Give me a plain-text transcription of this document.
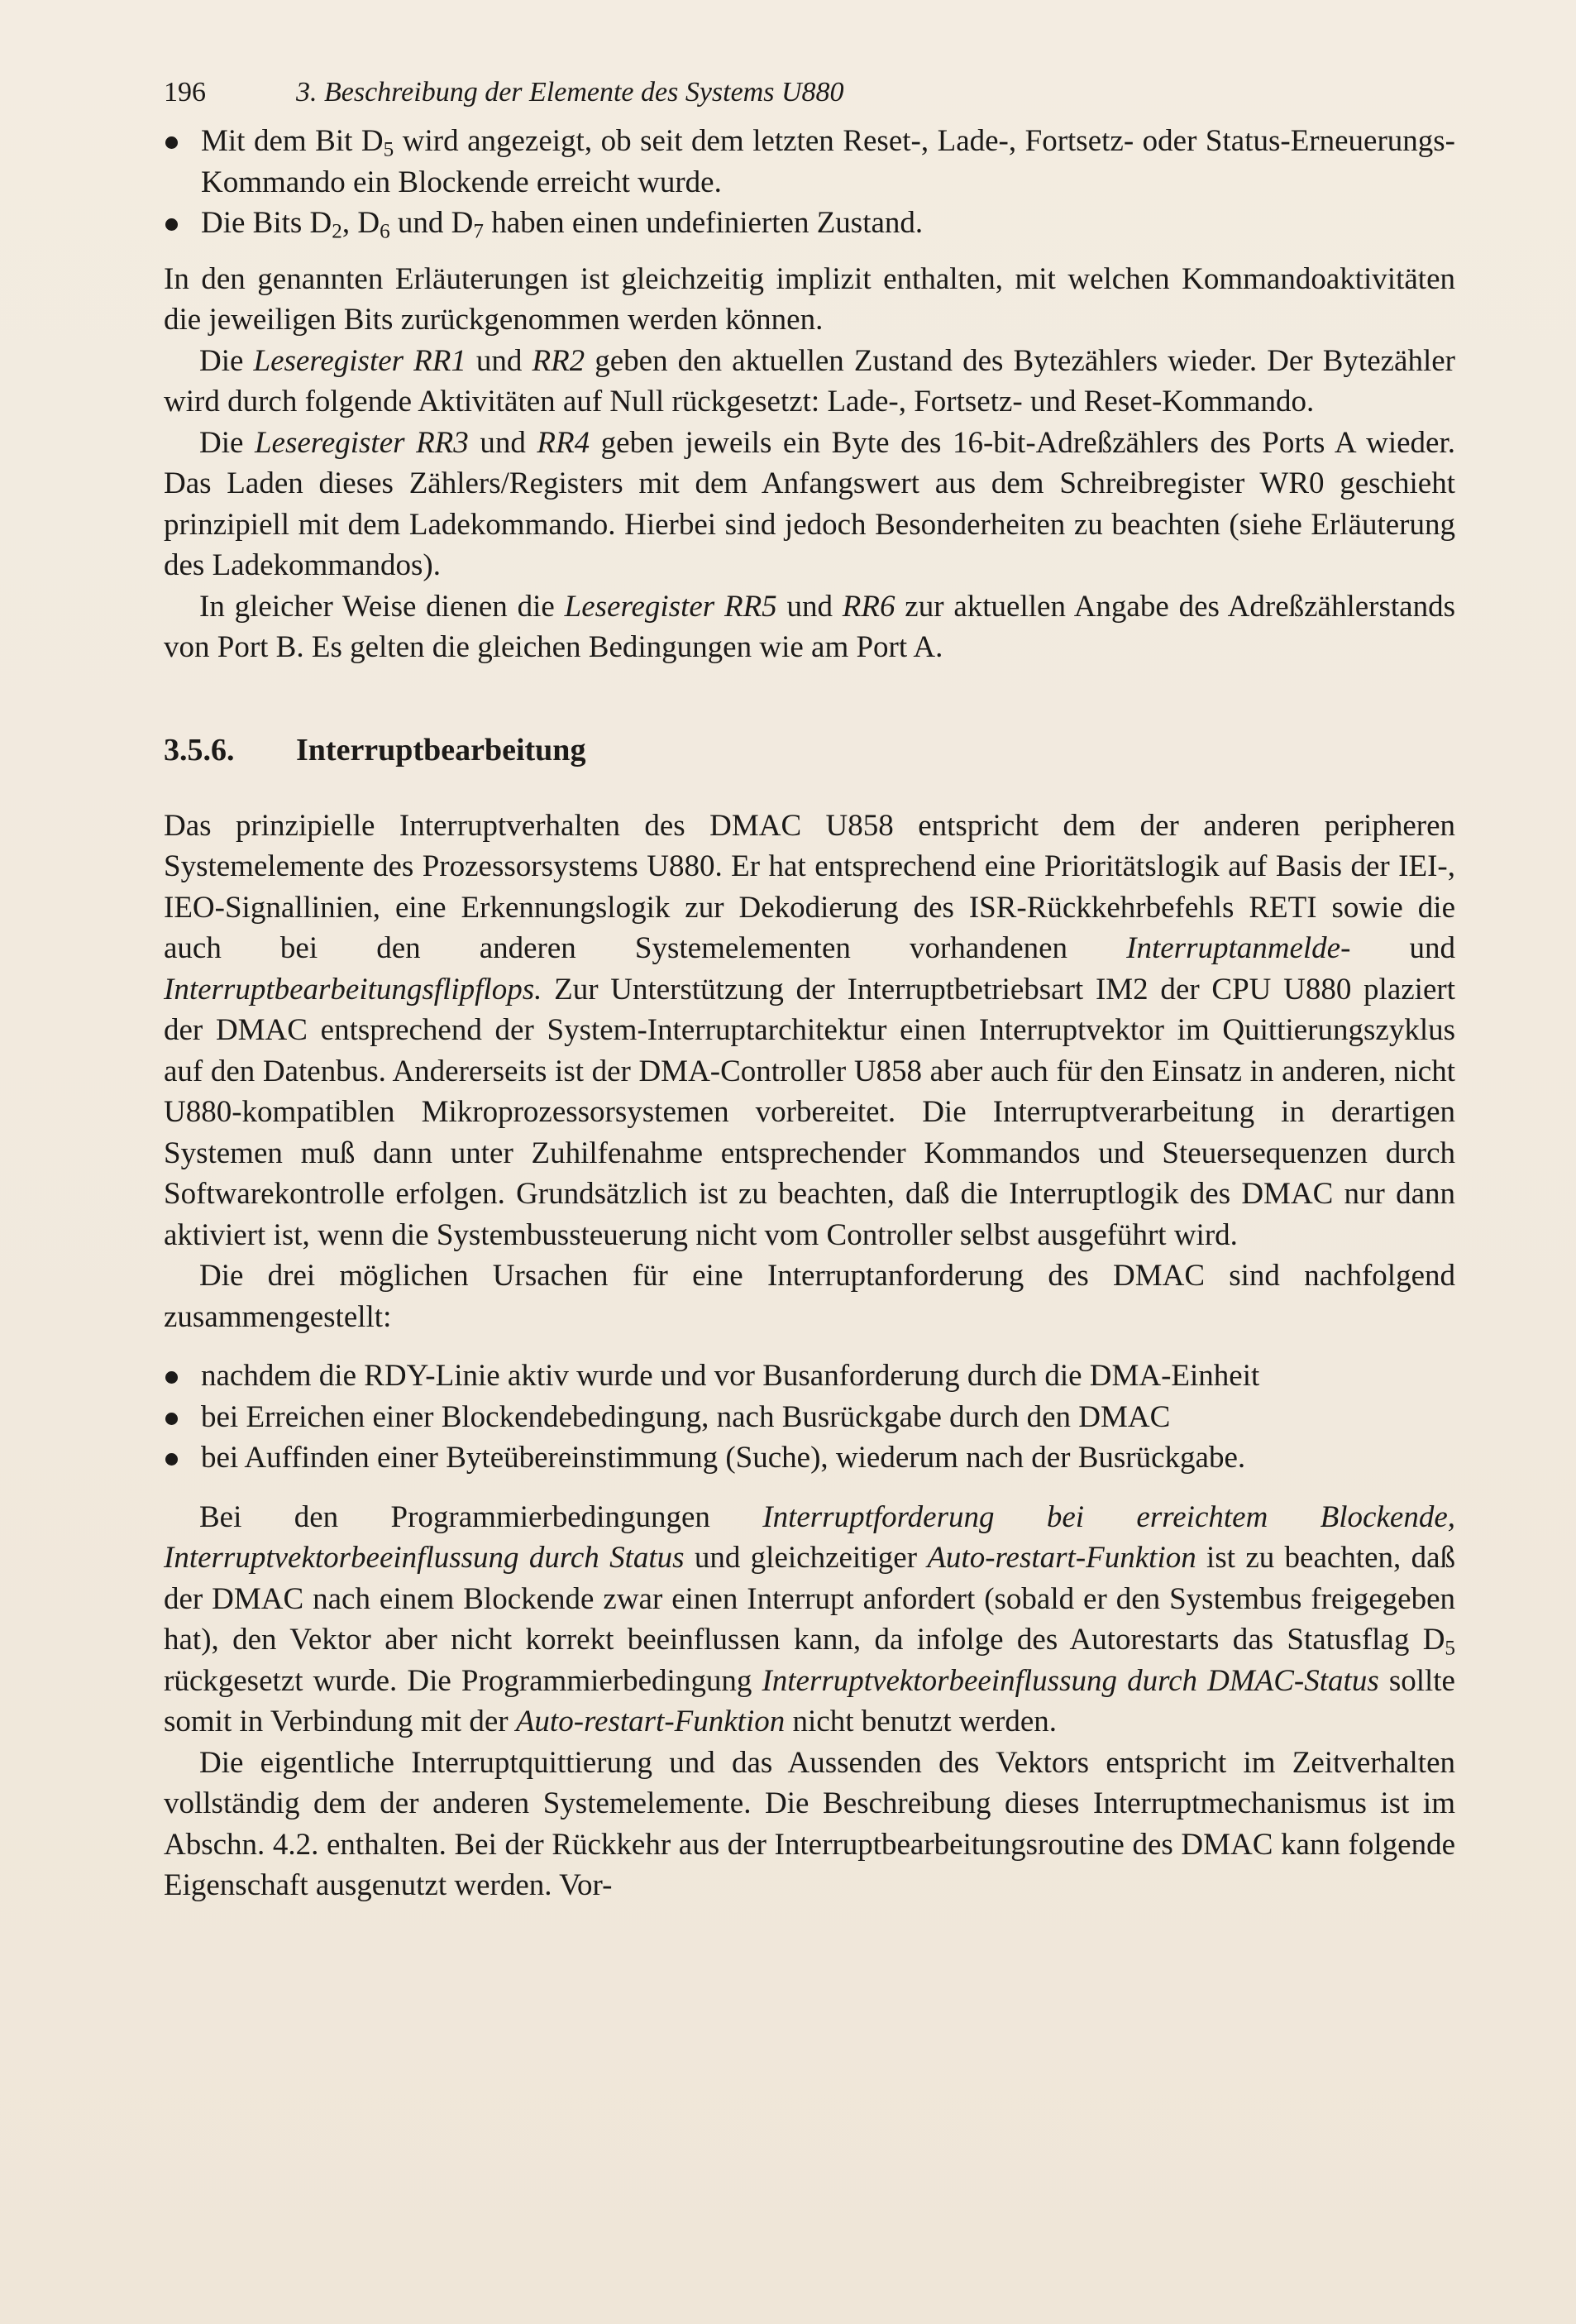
196	3. Beschreibung der Elemente des Systems U880
Mit dem Bit $D_5$ wird angezeigt, ob seit dem letzten Reset-, Lade-, Fortsetz- oder Status-Erneuerungs-Kommando ein Blockende erreicht wurde.
Die Bits $D_2$, $D_6$ und $D_7$ haben einen undefinierten Zustand.

In den genannten Erläuterungen ist gleichzeitig implizit enthalten, mit welchen Kommandoaktivitäten die jeweiligen Bits zurückgenommen werden können.

Die Leseregister RR1 und RR2 geben den aktuellen Zustand des Bytezählers wieder. Der Bytezähler wird durch folgende Aktivitäten auf Null rückgesetzt: Lade-, Fortsetz- und Reset-Kommando.

Die Leseregister RR3 und RR4 geben jeweils ein Byte des 16-bit-Adreßzählers des Ports A wieder. Das Laden dieses Zählers/Registers mit dem Anfangswert aus dem Schreibregister WR0 geschieht prinzipiell mit dem Ladekommando. Hierbei sind jedoch Besonderheiten zu beachten (siehe Erläuterung des Ladekommandos).

In gleicher Weise dienen die Leseregister RR5 und RR6 zur aktuellen Angabe des Adreßzählerstands von Port B. Es gelten die gleichen Bedingungen wie am Port A.

3.5.6. Interruptbearbeitung

Das prinzipielle Interruptverhalten des DMAC U858 entspricht dem der anderen peripheren Systemelemente des Prozessorsystems U880. Er hat entsprechend eine Prioritätslogik auf Basis der IEI-, IEO-Signallinien, eine Erkennungslogik zur Dekodierung des ISR-Rückkehrbefehls RETI sowie die auch bei den anderen Systemelementen vorhandenen Interruptanmelde- und Interruptbearbeitungsflipflops. Zur Unterstützung der Interruptbetriebsart IM2 der CPU U880 plaziert der DMAC entsprechend der System-Interruptarchitektur einen Interruptvektor im Quittierungszyklus auf den Datenbus. Andererseits ist der DMA-Controller U858 aber auch für den Einsatz in anderen, nicht U880-kompatiblen Mikroprozessorsystemen vorbereitet. Die Interruptverarbeitung in derartigen Systemen muß dann unter Zuhilfenahme entsprechender Kommandos und Steuersequenzen durch Softwarekontrolle erfolgen. Grundsätzlich ist zu beachten, daß die Interruptlogik des DMAC nur dann aktiviert ist, wenn die Systembussteuerung nicht vom Controller selbst ausgeführt wird.

Die drei möglichen Ursachen für eine Interruptanforderung des DMAC sind nachfolgend zusammengestellt:

nachdem die RDY-Linie aktiv wurde und vor Busanforderung durch die DMA-Einheit
bei Erreichen einer Blockendebedingung, nach Busrückgabe durch den DMAC
bei Auffinden einer Byteübereinstimmung (Suche), wiederum nach der Busrückgabe.

Bei den Programmierbedingungen Interruptforderung bei erreichtem Blockende, Interruptvektorbeeinflussung durch Status und gleichzeitiger Auto-restart-Funktion ist zu beachten, daß der DMAC nach einem Blockende zwar einen Interrupt anfordert (sobald er den Systembus freigegeben hat), den Vektor aber nicht korrekt beeinflussen kann, da infolge des Autorestarts das Statusflag $D_5$ rückgesetzt wurde. Die Programmierbedingung Interruptvektorbeeinflussung durch DMAC-Status sollte somit in Verbindung mit der Auto-restart-Funktion nicht benutzt werden.

Die eigentliche Interruptquittierung und das Aussenden des Vektors entspricht im Zeitverhalten vollständig dem der anderen Systemelemente. Die Beschreibung dieses Interruptmechanismus ist im Abschn. 4.2. enthalten. Bei der Rückkehr aus der Interruptbearbeitungsroutine des DMAC kann folgende Eigenschaft ausgenutzt werden. Vor-
